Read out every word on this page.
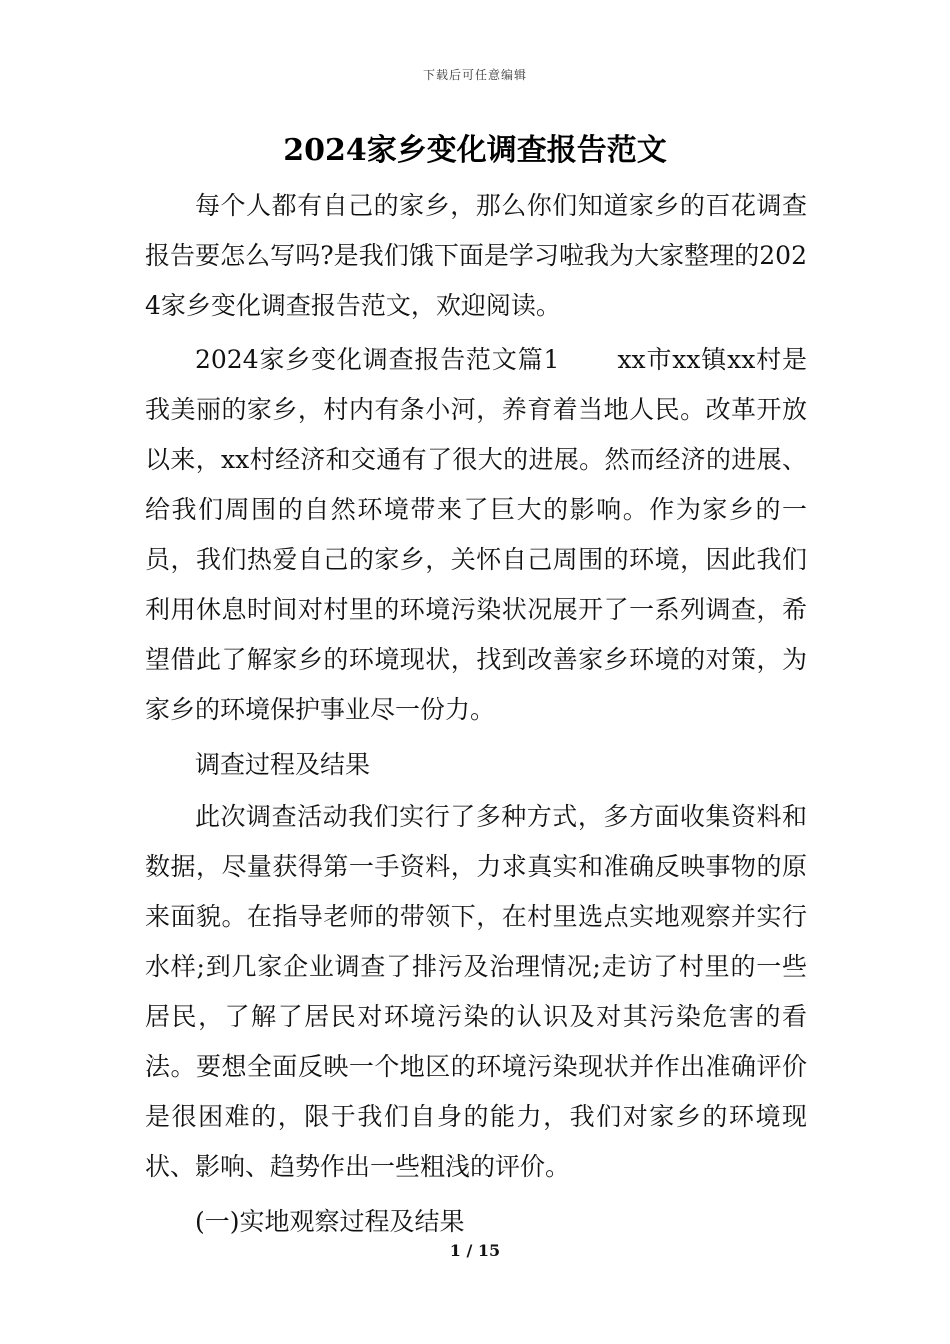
下载后可任意编辑
2024家乡变化调查报告范文

每个人都有自己的家乡，那么你们知道家乡的百花调查报告要怎么写吗?是我们饿下面是学习啦我为大家整理的2024家乡变化调查报告范文，欢迎阅读。

2024家乡变化调查报告范文篇1 xx市xx镇xx村是我美丽的家乡，村内有条小河，养育着当地人民。改革开放以来，xx村经济和交通有了很大的进展。然而经济的进展、给我们周围的自然环境带来了巨大的影响。作为家乡的一员，我们热爱自己的家乡，关怀自己周围的环境，因此我们利用休息时间对村里的环境污染状况展开了一系列调查，希望借此了解家乡的环境现状，找到改善家乡环境的对策，为家乡的环境保护事业尽一份力。

调查过程及结果

此次调查活动我们实行了多种方式，多方面收集资料和数据，尽量获得第一手资料，力求真实和准确反映事物的原来面貌。在指导老师的带领下，在村里选点实地观察并实行水样;到几家企业调查了排污及治理情况;走访了村里的一些居民，了解了居民对环境污染的认识及对其污染危害的看法。要想全面反映一个地区的环境污染现状并作出准确评价是很困难的，限于我们自身的能力，我们对家乡的环境现状、影响、趋势作出一些粗浅的评价。

(一)实地观察过程及结果

1 / 15
